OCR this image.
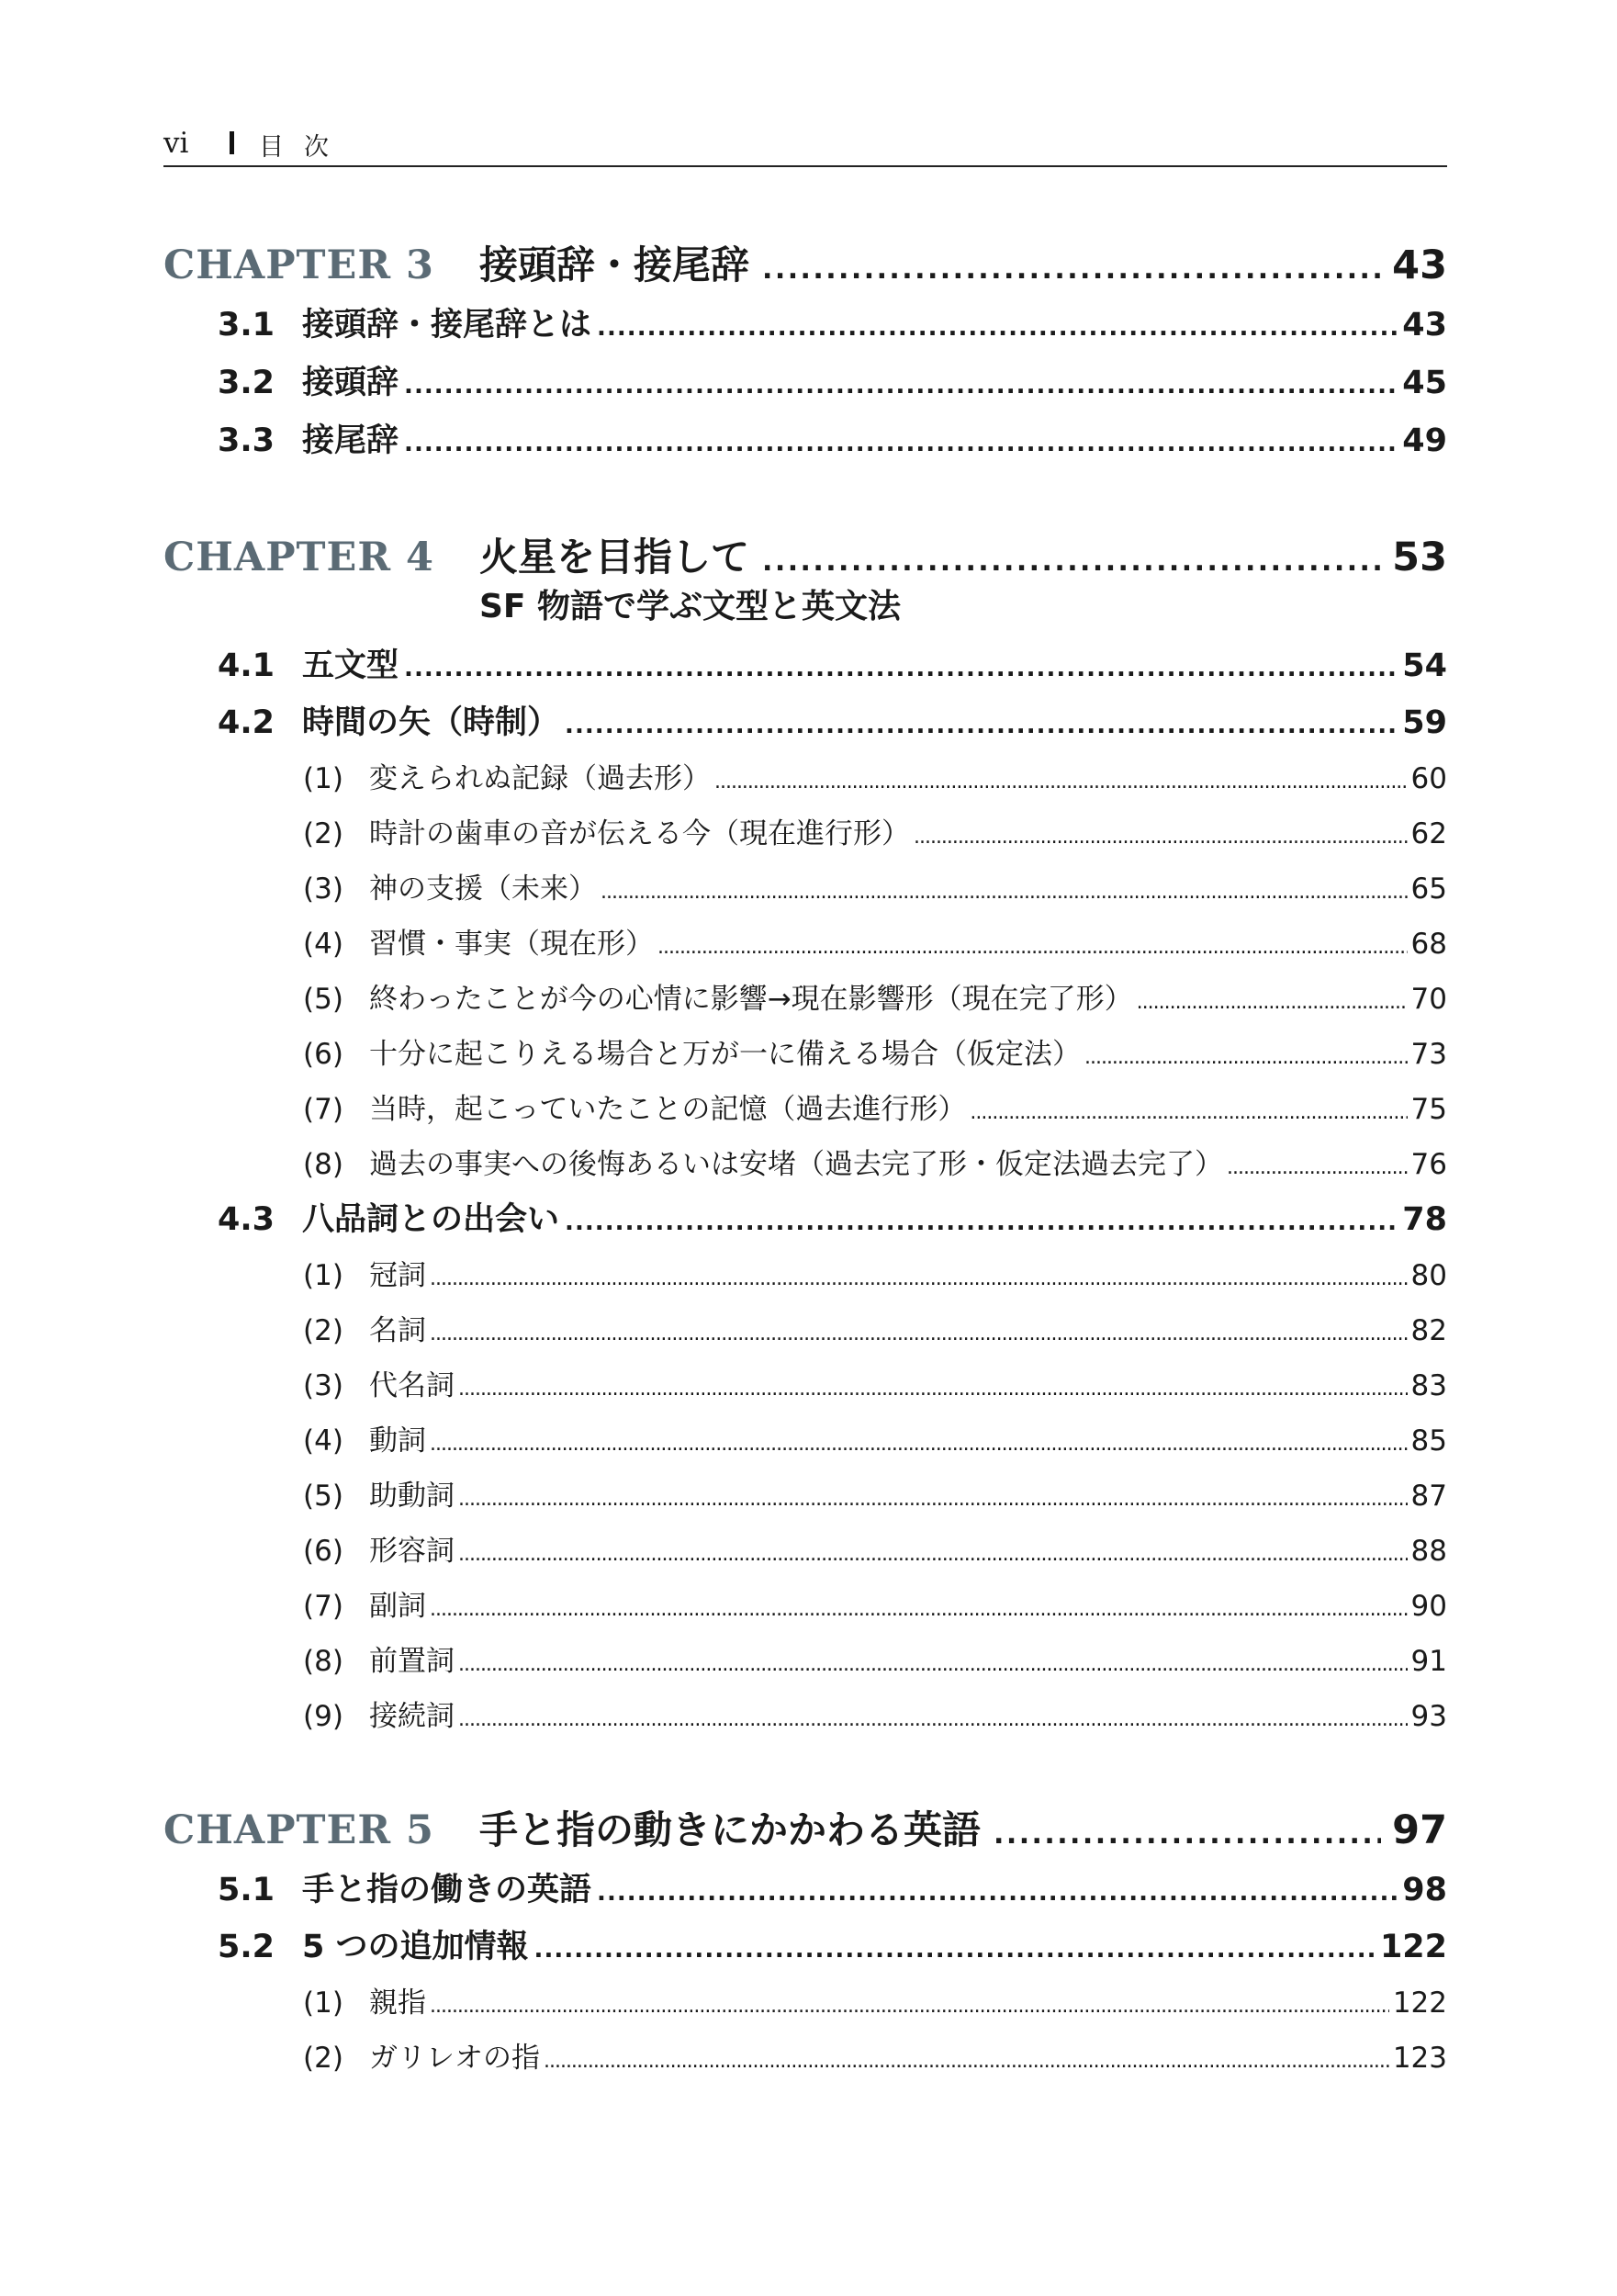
vi	目次
CHAPTER 3	接頭辞・接尾辞 . . .	43
3.1 接頭辞・接尾辞とは . . .	43
3.2 接頭辞 . . .	45
3.3 接尾辞 . . .	49
CHAPTER 4	火星を目指して . . .	53
SF 物語で学ぶ文型と英文法
4.1 五文型 . . .	54
4.2 時間の矢（時制） . . .	59
(1) 変えられぬ記録（過去形） . . .	60
(2) 時計の歯車の音が伝える今（現在進行形） . . .	62
(3) 神の支援（未来） . . .	65
(4) 習慣・事実（現在形） . . .	68
(5) 終わったことが今の心情に影響→現在影響形（現在完了形） . . .	70
(6) 十分に起こりえる場合と万が一に備える場合（仮定法） . . .	73
(7) 当時，起こっていたことの記憶（過去進行形） . . .	75
(8) 過去の事実への後悔あるいは安堵（過去完了形・仮定法過去完了） . . .	76
4.3 八品詞との出会い . . .	78
(1) 冠詞 . . .	80
(2) 名詞 . . .	82
(3) 代名詞 . . .	83
(4) 動詞 . . .	85
(5) 助動詞 . . .	87
(6) 形容詞 . . .	88
(7) 副詞 . . .	90
(8) 前置詞 . . .	91
(9) 接続詞 . . .	93
CHAPTER 5	手と指の動きにかかわる英語 . . .	97
5.1 手と指の働きの英語 . . .	98
5.2 5 つの追加情報 . . .	122
(1) 親指 . . .	122
(2) ガリレオの指 . . .	123
